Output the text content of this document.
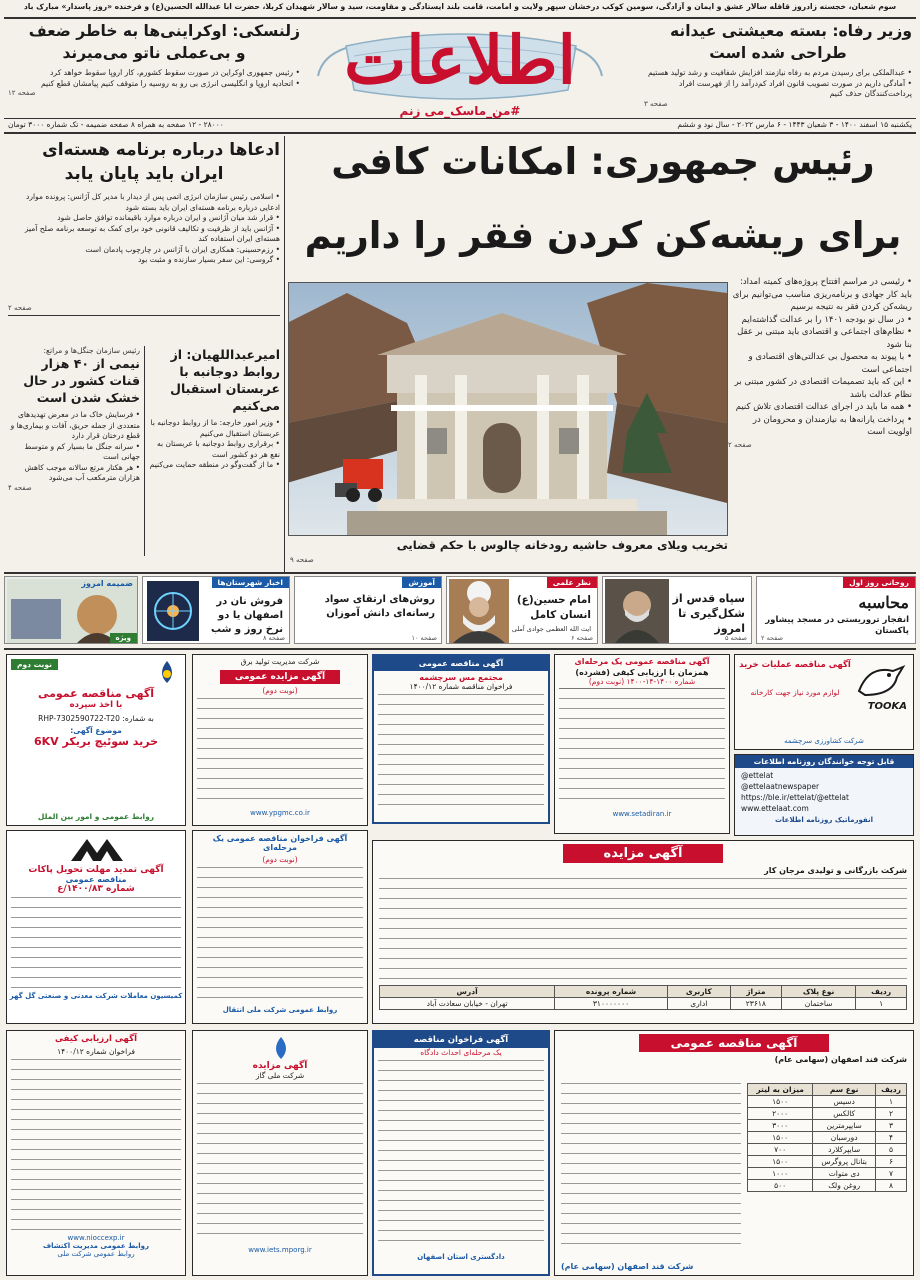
سوم شعبان، خجسته زادروز قافله سالار عشق و ایمان و آزادگی، سومین کوکب درخشان سپهر ولایت و امامت، قامت بلند ایستادگی و مقاومت، سید و سالار شهیدان کربلا، حضرت ابا عبدالله الحسین(ع) و فرخنده «روز پاسدار» مبارک باد
وزیر رفاه: بسته معیشتی عیدانه
طراحی شده است
• عبدالملکی برای رسیدن مردم به رفاه نیازمند افزایش شفافیت و رشد تولید هستیم
• آمادگی داریم در صورت تصویب قانون افراد کم‌درآمد را از فهرست افراد پرداخت‌کنندگان حذف کنیم
صفحه ۳
اطلاعات
#من_ماسک_می زنم
زلنسکی: اوکراینی‌ها به خاطر ضعف
و بی‌عملی ناتو می‌میرند
• رئیس جمهوری اوکراین در صورت سقوط کشورم، کار اروپا سقوط خواهد کرد
• اتحادیه اروپا و انگلیسی انرژی بی رو به روسیه را متوقف کنیم پیامشان قطع کنیم
صفحه ۱۲
یکشنبه ۱۵ اسفند ۱۴۰۰ - ۳ شعبان ۱۴۴۳ - ۶ مارس ۲۰۲۲ - سال نود و ششم
۲۸۰۰۰ - ۱۲ صفحه به همراه ۸ صفحه ضمیمه - تک شماره ۳۰۰۰ تومان
رئیس جمهوری: امکانات کافی
برای ریشه‌کن کردن فقر را داریم
• رئیسی در مراسم افتتاح پروژه‌های کمیته امداد: باید کار جهادی و برنامه‌ریزی مناسب می‌توانیم برای ریشه‌کن کردن فقر به نتیجه برسیم
• در سال نو بودجه ۱۴۰۱ را بر عدالت گذاشته‌ایم
• نظام‌های اجتماعی و اقتصادی باید مبتنی بر عقل بنا شود
• با پیوند به محصول بی عدالتی‌های اقتصادی و اجتماعی است
• این که باید تصمیمات اقتصادی در کشور مبتنی بر نظام عدالت باشد
• همه ما باید در اجرای عدالت اقتصادی تلاش کنیم
• پرداخت یارانه‌ها به نیازمندان و محرومان در اولویت است
صفحه ۲
تخریب ویلای معروف حاشیه رودخانه چالوس با حکم قضایی
صفحه ۹
ادعاها درباره برنامه هسته‌ای
ایران باید پایان یابد
• اسلامی رئیس سازمان انرژی اتمی پس از دیدار با مدیر کل آژانس: پرونده موارد ادعایی درباره برنامه هسته‌ای ایران باید بسته شود
• قرار شد میان آژانس و ایران درباره موارد باقیمانده توافق حاصل شود
• آژانس باید از ظرفیت و تکالیف قانونی خود برای کمک به توسعه برنامه صلح آمیز هسته‌ای ایران استفاده کند
• رزم‌حسینی: همکاری ایران با آژانس در چارچوب پادمان است
• گروسی: این سفر بسیار سازنده و مثبت بود
صفحه ۲
امیرعبداللهیان: از روابط دوجانبه با عربستان استقبال می‌کنیم
• وزیر امور خارجه: ما از روابط دوجانبه با عربستان استقبال می‌کنیم
• برقراری روابط دوجانبه با عربستان به نفع هر دو کشور است
• ما از گفت‌وگو در منطقه حمایت می‌کنیم
رئیس سازمان جنگل‌ها و مراتع:
نیمی از ۴۰ هزار قنات کشور در حال خشک شدن است
• فرسایش خاک ما در معرض تهدیدهای متعددی از جمله حریق، آفات و بیماری‌ها و قطع درختان قرار دارد
• سرانه جنگل ما بسیار کم و متوسط جهانی است
• هر هکتار مرتع سالانه موجب کاهش هزاران مترمکعب آب می‌شود
صفحه ۴
روحانی روز اول
محاسبه
انفجار تروریستی در مسجد پیشاور پاکستان
صفحه ۲
سپاه قدس از شکل‌گیری تا امروز
صفحه ۵
نظر علمی
امام حسین(ع) انسان کامل
ایت الله العظمی جوادی آملی
صفحه ۶
آموزش
روش‌های ارتقای سواد رسانه‌ای دانش آموزان
صفحه ۱۰
اخبار شهرستان‌ها
فروش نان در اصفهان یا دو نرخ روز و شب
صفحه ۸
ضمیمه امروز
ویژه
TOOKA
آگهی مناقصه عملیات خرید
لوازم مورد نیاز جهت کارخانه
شرکت کشاورزی سرچشمه
قابل توجه خوانندگان روزنامه اطلاعات
@ettelat
@ettelaatnewspaper
https://ble.ir/ettelat/@ettelat
www.ettelaat.com
انفورماتیک روزنامه اطلاعات
آگهی مناقصه عمومی یک مرحله‌ای
همزمان با ارزیابی کیفی (فشرده)
شماره ۱۴۰۰-۱۴-۱۴۰۰ (نوبت دوم)
www.setadiran.ir
آگهی مناقصه عمومی
مجتمع مس سرچشمه
فراخوان مناقصه شماره ۱۴۰۰/۱۲
شرکت مدیریت تولید برق
آگهی مزایده عمومی
(نوبت دوم)
www.ypgmc.co.ir
نوبت دوم
آگهی مناقصه عمومی
با اخذ سپرده
به شماره: RHP-7302590722-T20
موضوع آگهی:
خرید سوئیچ بریکر 6KV
روابط عمومی و امور بین الملل
آگهی مزایده
شرکت بازرگانی و تولیدی مرجان کار
ردیف	نوع پلاک	متراژ	کاربری	شماره پرونده	آدرس
۱	ساختمان	۲۳۶۱۸	اداری	۳۱۰۰۰۰۰۰۰	تهران - خیابان سعادت آباد
آگهی فراخوان مناقصه عمومی یک مرحله‌ای
(نوبت دوم)
روابط عمومی شرکت ملی انتقال
آگهی تمدید مهلت تحویل پاکات
مناقصه عمومی
شماره ۱۴۰۰/۸۳/ع
کمیسیون معاملات شرکت معدنی و صنعتی گل گهر
آگهی مناقصه عمومی
شرکت قند اصفهان (سهامی عام)
ردیف	نوع سم	میزان به لیتر
۱	دسیس	۱۵۰۰
۲	کالکس	۲۰۰۰
۳	سایپرمترین	۳۰۰۰
۴	دورسبان	۱۵۰۰
۵	سایپرکلارد	۷۰۰
۶	بتانال پروگرس	۱۵۰۰
۷	دی متوات	۱۰۰۰
۸	روغن ولک	۵۰۰
شرکت قند اصفهان (سهامی عام)
آگهی فراخوان مناقصه
یک مرحله‌ای احداث دادگاه
دادگستری استان اصفهان
آگهی مزایده
شرکت ملی گاز
www.iets.mporg.ir
آگهی ارزیابی کیفی
فراخوان شماره ۱۴۰۰/۱۲
www.nioccexp.ir
روابط عمومی مدیریت اکتشاف
روابط عمومی شرکت ملی
